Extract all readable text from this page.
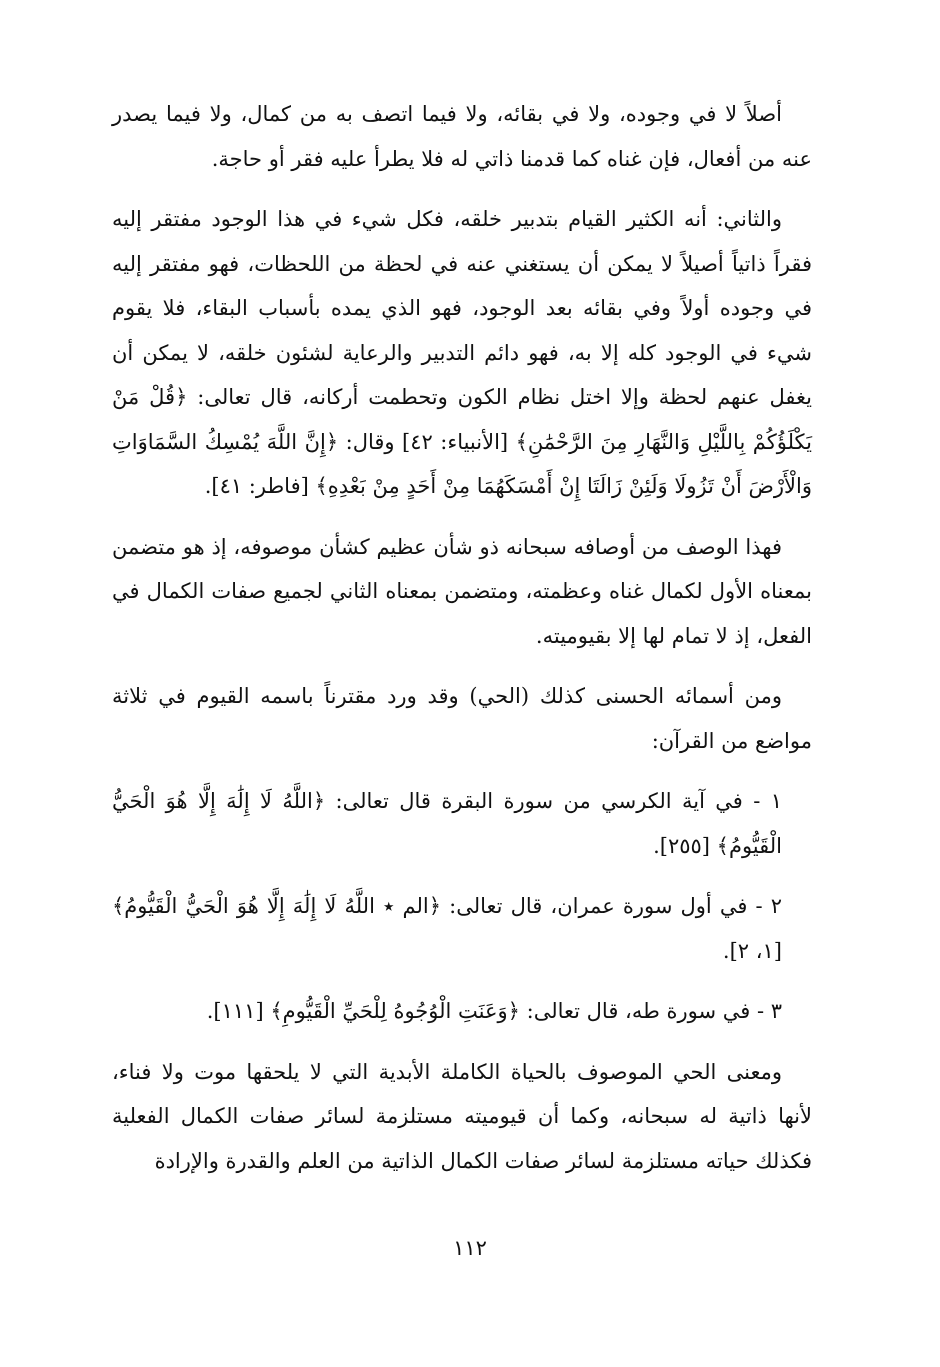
أصلاً لا في وجوده، ولا في بقائه، ولا فيما اتصف به من كمال، ولا فيما يصدر عنه من أفعال، فإن غناه كما قدمنا ذاتي له فلا يطرأ عليه فقر أو حاجة.

والثاني: أنه الكثير القيام بتدبير خلقه، فكل شيء في هذا الوجود مفتقر إليه فقراً ذاتياً أصيلاً لا يمكن أن يستغني عنه في لحظة من اللحظات، فهو مفتقر إليه في وجوده أولاً وفي بقائه بعد الوجود، فهو الذي يمده بأسباب البقاء، فلا يقوم شيء في الوجود كله إلا به، فهو دائم التدبير والرعاية لشئون خلقه، لا يمكن أن يغفل عنهم لحظة وإلا اختل نظام الكون وتحطمت أركانه، قال تعالى: ﴿قُلْ مَنْ يَكْلَؤُكُمْ بِاللَّيْلِ وَالنَّهَارِ مِنَ الرَّحْمَٰنِ﴾ [الأنبياء: ٤٢] وقال: ﴿إِنَّ اللَّهَ يُمْسِكُ السَّمَاوَاتِ وَالْأَرْضَ أَنْ تَزُولَا وَلَئِنْ زَالَتَا إِنْ أَمْسَكَهُمَا مِنْ أَحَدٍ مِنْ بَعْدِهِ﴾ [فاطر: ٤١].

فهذا الوصف من أوصافه سبحانه ذو شأن عظيم كشأن موصوفه، إذ هو متضمن بمعناه الأول لكمال غناه وعظمته، ومتضمن بمعناه الثاني لجميع صفات الكمال في الفعل، إذ لا تمام لها إلا بقيوميته.

ومن أسمائه الحسنى كذلك (الحي) وقد ورد مقترناً باسمه القيوم في ثلاثة مواضع من القرآن:

١ - في آية الكرسي من سورة البقرة قال تعالى: ﴿اللَّهُ لَا إِلَٰهَ إِلَّا هُوَ الْحَيُّ الْقَيُّومُ﴾ [٢٥٥].

٢ - في أول سورة عمران، قال تعالى: ﴿الم ٭ اللَّهُ لَا إِلَٰهَ إِلَّا هُوَ الْحَيُّ الْقَيُّومُ﴾ [١، ٢].

٣ - في سورة طه، قال تعالى: ﴿وَعَنَتِ الْوُجُوهُ لِلْحَيِّ الْقَيُّومِ﴾ [١١١].

ومعنى الحي الموصوف بالحياة الكاملة الأبدية التي لا يلحقها موت ولا فناء، لأنها ذاتية له سبحانه، وكما أن قيوميته مستلزمة لسائر صفات الكمال الفعلية فكذلك حياته مستلزمة لسائر صفات الكمال الذاتية من العلم والقدرة والإرادة

١١٢
